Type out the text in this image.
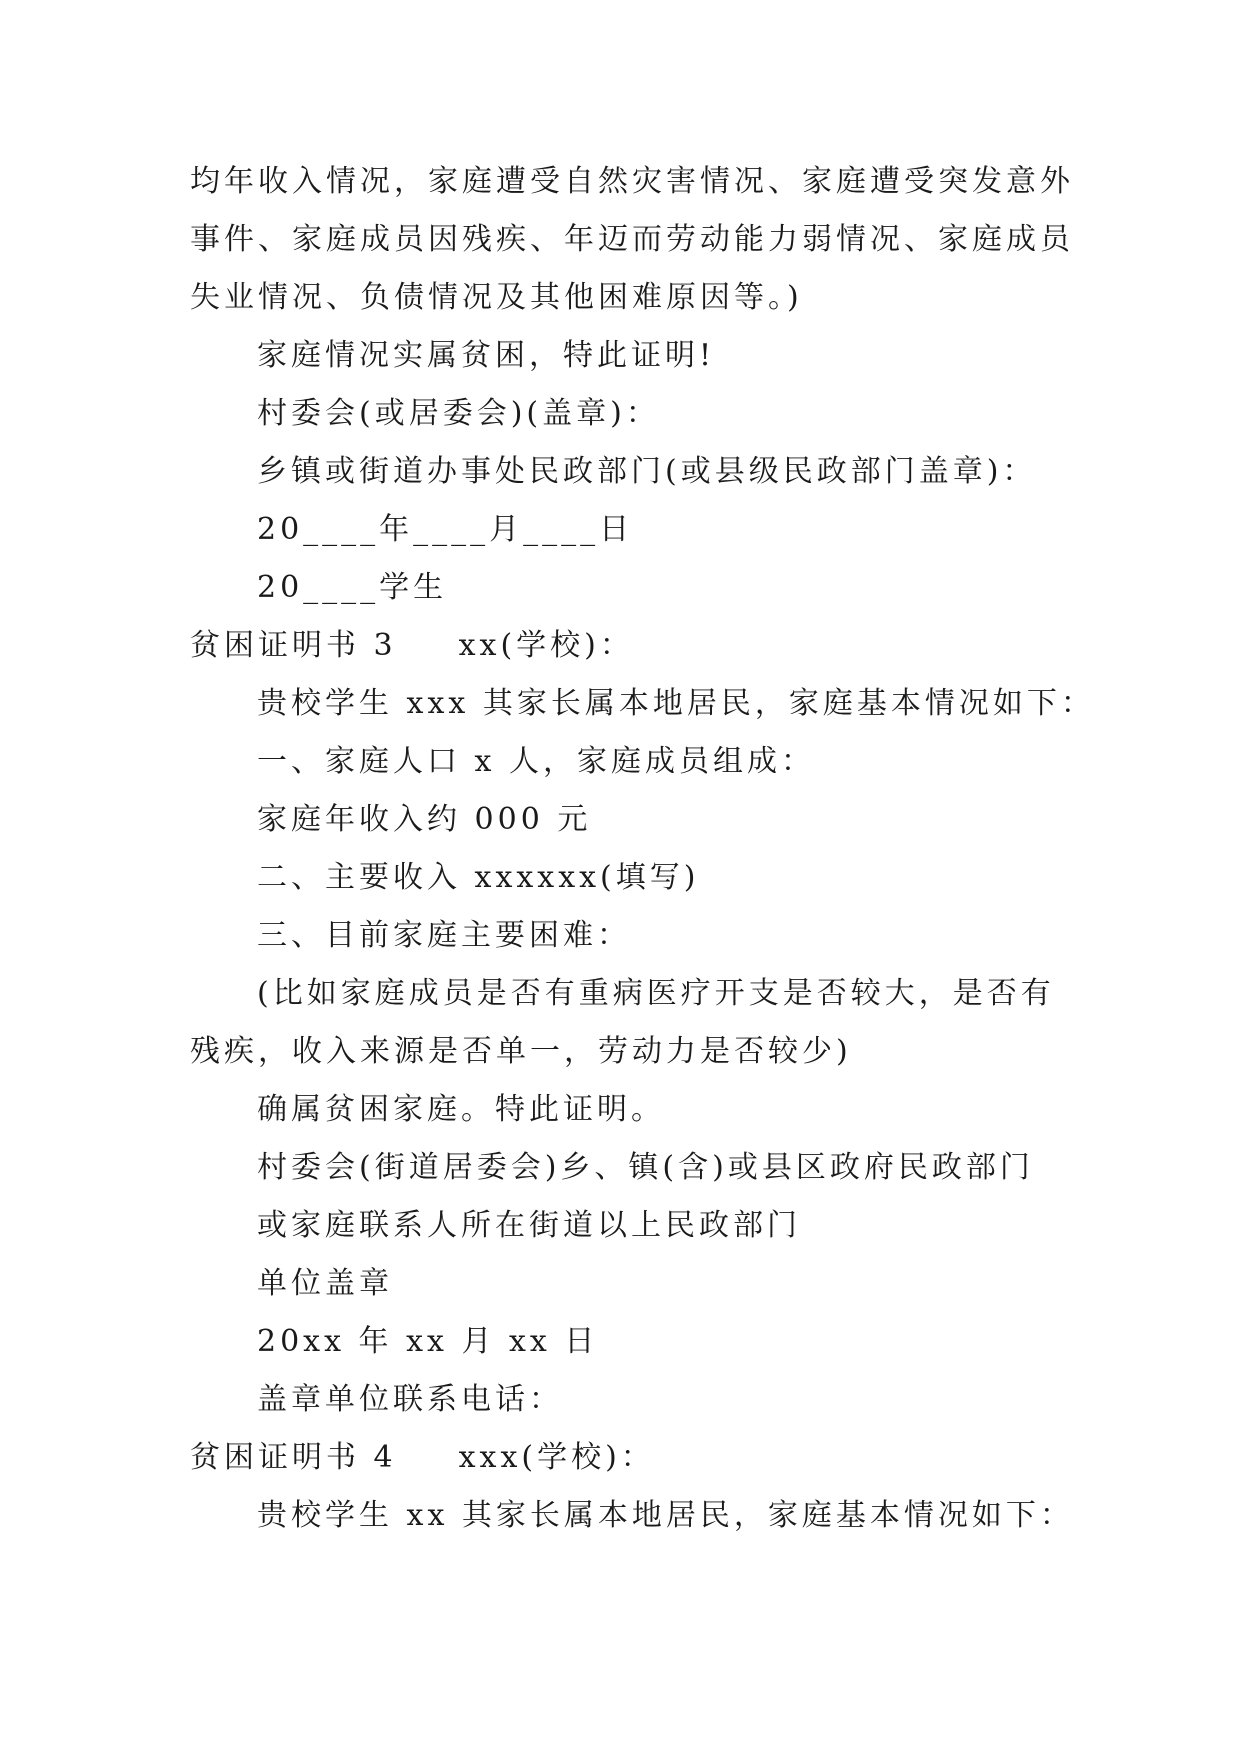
均年收入情况，家庭遭受自然灾害情况、家庭遭受突发意外
事件、家庭成员因残疾、年迈而劳动能力弱情况、家庭成员
失业情况、负债情况及其他困难原因等。)
家庭情况实属贫困，特此证明!
村委会(或居委会)(盖章)：
乡镇或街道办事处民政部门(或县级民政部门盖章)：
20____年____月____日
20____学生
贫困证明书 3 xx(学校)：
贵校学生 xxx 其家长属本地居民，家庭基本情况如下：
一、家庭人口 x 人，家庭成员组成：
家庭年收入约 000 元
二、主要收入 xxxxxx(填写)
三、目前家庭主要困难：
(比如家庭成员是否有重病医疗开支是否较大，是否有
残疾，收入来源是否单一，劳动力是否较少)
确属贫困家庭。特此证明。
村委会(街道居委会)乡、镇(含)或县区政府民政部门
或家庭联系人所在街道以上民政部门
单位盖章
20xx 年 xx 月 xx 日
盖章单位联系电话：
贫困证明书 4 xxx(学校)：
贵校学生 xx 其家长属本地居民，家庭基本情况如下：
